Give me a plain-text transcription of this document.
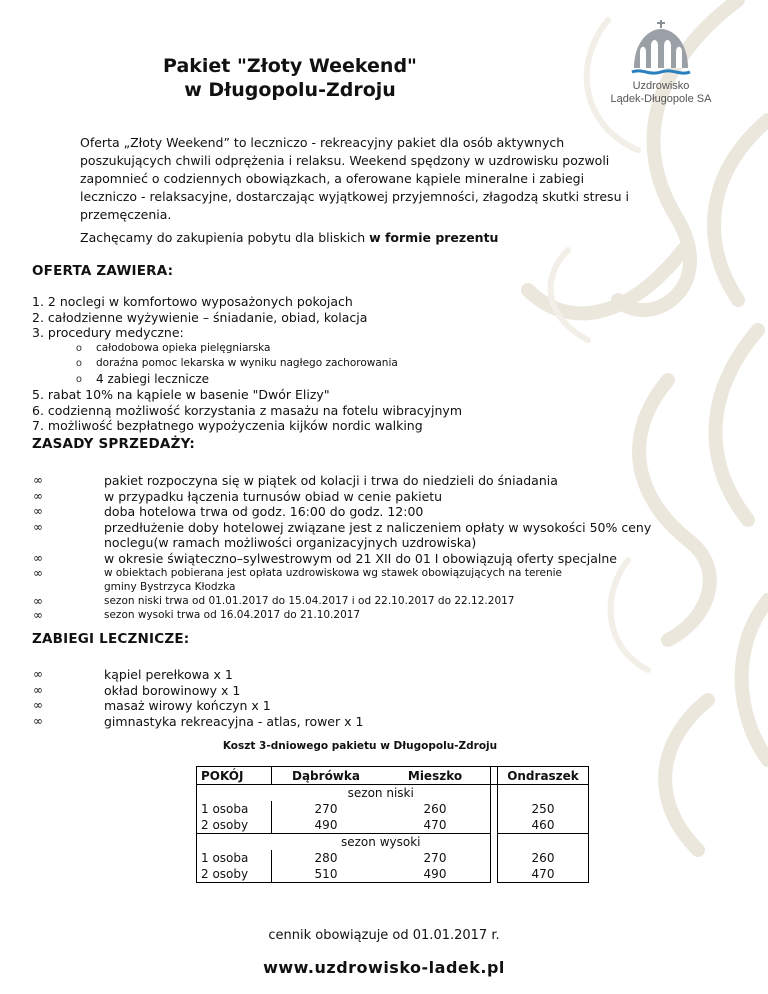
Uzdrowisko
Lądek-Długopole SA
Pakiet "Złoty Weekend"
w Długopolu-Zdroju
Oferta „Złoty Weekend” to leczniczo - rekreacyjny pakiet dla osób aktywnych poszukujących chwili odprężenia i relaksu. Weekend spędzony w uzdrowisku pozwoli zapomnieć o codziennych obowiązkach, a oferowane kąpiele mineralne i zabiegi leczniczo - relaksacyjne, dostarczając wyjątkowej przyjemności, złagodzą skutki stresu i przemęczenia.
Zachęcamy do zakupienia pobytu dla bliskich w formie prezentu
OFERTA ZAWIERA:
1. 2 noclegi w komfortowo wyposażonych pokojach
2. całodzienne wyżywienie – śniadanie, obiad, kolacja
3. procedury medyczne:
o	całodobowa opieka pielęgniarska
o	doraźna pomoc lekarska w wyniku nagłego zachorowania
o	4 zabiegi lecznicze
5. rabat 10% na kąpiele w basenie "Dwór Elizy"
6. codzienną możliwość korzystania z masażu na fotelu wibracyjnym
7. możliwość bezpłatnego wypożyczenia kijków nordic walking
ZASADY SPRZEDAŻY:
∞	pakiet rozpoczyna się w piątek od kolacji i trwa do niedzieli do śniadania
∞	w przypadku łączenia turnusów obiad w cenie pakietu
∞	doba hotelowa trwa od godz. 16:00 do godz. 12:00
∞	przedłużenie doby hotelowej związane jest z naliczeniem opłaty w wysokości 50% ceny noclegu(w ramach możliwości organizacyjnych uzdrowiska)
∞	w okresie świąteczno–sylwestrowym od 21 XII do 01 I obowiązują oferty specjalne
∞	w obiektach pobierana jest opłata uzdrowiskowa wg stawek obowiązujących na terenie gminy Bystrzyca Kłodzka
∞	sezon niski trwa od 01.01.2017 do 15.04.2017 i od 22.10.2017 do 22.12.2017
∞	sezon wysoki trwa od 16.04.2017 do 21.10.2017
ZABIEGI LECZNICZE:
∞	kąpiel perełkowa x 1
∞	okład borowinowy x 1
∞	masaż wirowy kończyn x 1
∞	gimnastyka rekreacyjna - atlas, rower x 1
Koszt 3-dniowego pakietu w Długopolu-Zdroju
POKÓJ	Dąbrówka	Mieszko		Ondraszek
	sezon niski			
1 osoba	270	260		250
2 osoby	490	470		460
	sezon wysoki			
1 osoba	280	270		260
2 osoby	510	490		470
cennik obowiązuje od 01.01.2017 r.
www.uzdrowisko-ladek.pl
